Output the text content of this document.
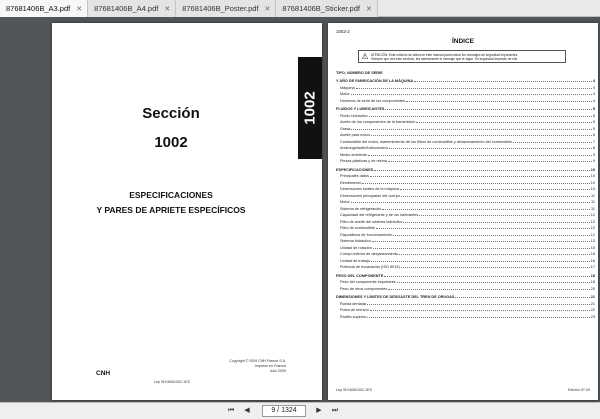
87681406B_A3.pdf ✕ 87681406B_A4.pdf ✕ 87681406B_Poster.pdf ✕ 87681406B_Sticker.pdf ✕
Sección
1002
ESPECIFICACIONES
Y PARES DE APRIETE ESPECÍFICOS
1002
CNH
Copyright © 2009 CNH France S.A.
Impreso en Francia
Julio 2009
Lep SH16061002-1ES
1002-2
ÍNDICE
⚠ ATENCIÓN: Este símbolo se utiliza en este manual para indicar los mensajes de seguridad importantes.
Siempre que vea este símbolo, lea atentamente el mensaje que le sigue. Su seguridad depende de ello.
TIPO, NÚMERO DE SERIE
Y AÑO DE FABRICACIÓN DE LA MÁQUINA	4
Máquina	4
Motor	4
Números de serie de los componentes	4
FLUIDOS Y LUBRICANTES	5
Fluido hidráulico	5
Aceite de los componentes de la transmisión	5
Grasa	5
Aceite para motor	6
Combustible del motor, mantenimiento de los filtros de combustible y almacenamiento del combustible	7
Anticongelante/Anticorrosivo	8
Medio ambiente	9
Piezas plásticas y de resina	9
ESPECIFICACIONES	10
Principales datos	10
Rendimiento	10
Dimensiones totales de la máquina	10
Dimensiones principales del cuerpo	11
Motor	11
Sistema de refrigeración	11
Capacidad del refrigerante y de los lubricantes	12
Filtro de aceite del sistema hidráulico	12
Filtro de combustible	12
Dispositivos de funcionamiento	12
Sistema hidráulico	13
Unidad de rotación	15
Cuerpo inferior de desplazamiento	16
Unidad de trabajo	16
Potencia de excavación (ISO 6015)	17
PESO DEL COMPONENTE	18
Peso del componente importante	18
Peso de otros componentes	20
DIMENSIONES Y LÍMITES DE DESGASTE DEL TREN DE ORUGAS	21
Rueda dentada	21
Polea de reenvío	22
Rodillo superior	23
Lep SH16061002-1ES	Edición 07-09
⏮	◀	9 / 1324	▶	⏭
